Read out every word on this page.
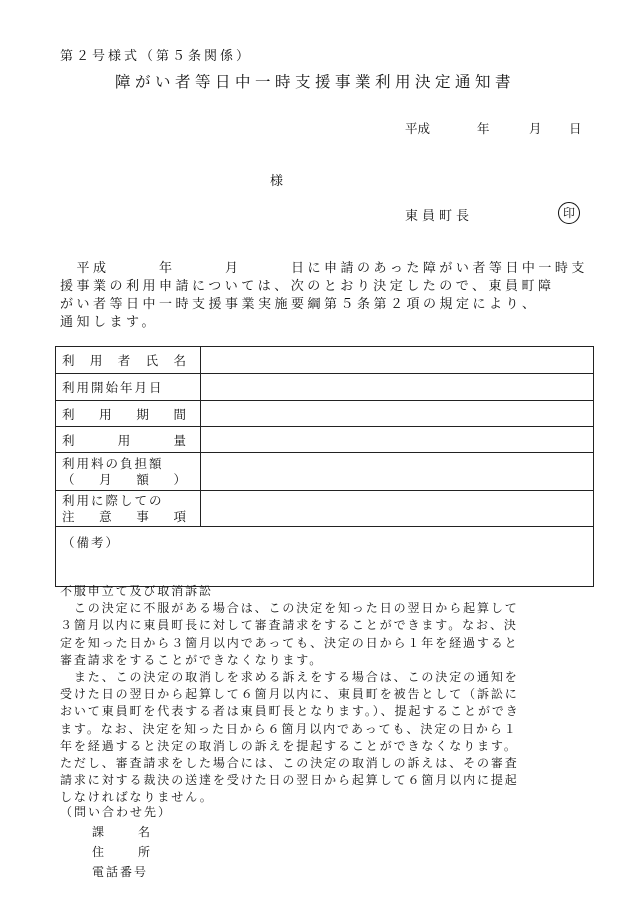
第２号様式（第５条関係）
障がい者等日中一時支援事業利用決定通知書
平成	年	月 日
様
東員町長	印
　平成　　　年　　　月　　　日に申請のあった障がい者等日中一時支
援事業の利用申請については、次のとおり決定したので、東員町障
がい者等日中一時支援事業実施要綱第５条第２項の規定により、
通知します。
利 用 者 氏 名	

利用開始年月日	

利 用 期 間	

利 用 量	

利用料の負担額
（ 月 額 ）	

利用に際しての
注 意 事 項	

（備考）	
不服申立て及び取消訴訟
　この決定に不服がある場合は、この決定を知った日の翌日から起算して
３箇月以内に東員町長に対して審査請求をすることができます。なお、決
定を知った日から３箇月以内であっても、決定の日から１年を経過すると
審査請求をすることができなくなります。
　また、この決定の取消しを求める訴えをする場合は、この決定の通知を
受けた日の翌日から起算して６箇月以内に、東員町を被告として（訴訟に
おいて東員町を代表する者は東員町長となります。）、提起することができ
ます。なお、決定を知った日から６箇月以内であっても、決定の日から１
年を経過すると決定の取消しの訴えを提起することができなくなります。
ただし、審査請求をした場合には、この決定の取消しの訴えは、その審査
請求に対する裁決の送達を受けた日の翌日から起算して６箇月以内に提起
しなければなりません。
（問い合わせ先）
課	名
住	所
電話番号
